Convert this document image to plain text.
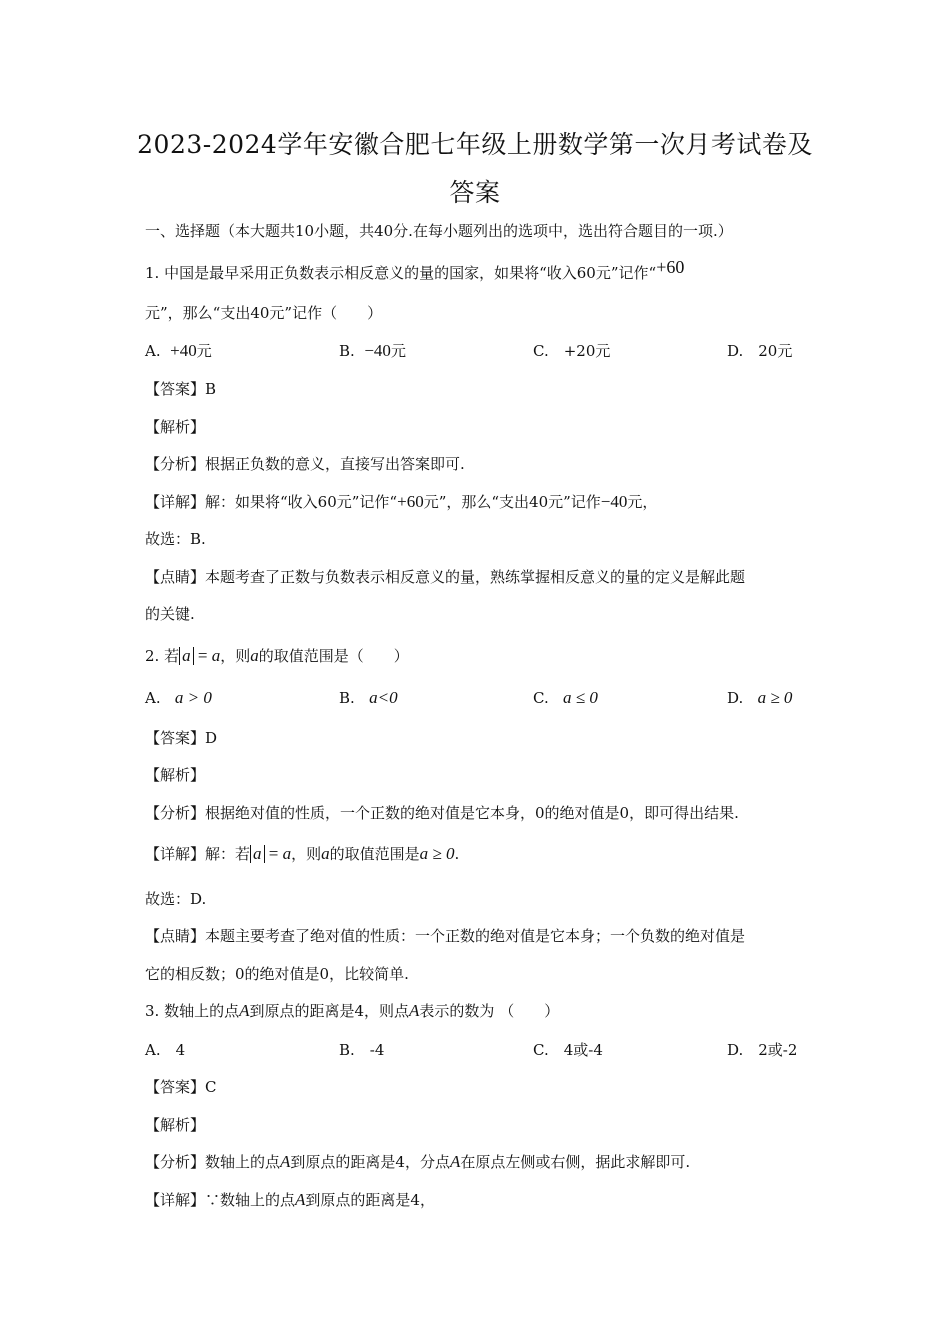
2023-2024学年安徽合肥七年级上册数学第一次月考试卷及
答案
一、选择题（本大题共10小题，共40分.在每小题列出的选项中，选出符合题目的一项.）
1. 中国是最早采用正负数表示相反意义的量的国家，如果将“收入60元”记作“+60
元”，那么“支出40元”记作（　　）
A. +40元	B. −40元	C.　+20元	D.　20元
【答案】B
【解析】
【分析】根据正负数的意义，直接写出答案即可.
【详解】解：如果将“收入60元”记作“+60元”，那么“支出40元”记作−40元，
故选：B.
【点睛】本题考查了正数与负数表示相反意义的量，熟练掌握相反意义的量的定义是解此题
的关键.
2. 若 a = a，则a的取值范围是（　　）
A. a > 0	B. a<0	C. a ≤ 0	D. a ≥ 0
【答案】D
【解析】
【分析】根据绝对值的性质，一个正数的绝对值是它本身，0的绝对值是0，即可得出结果.
【详解】解：若 a = a，则a的取值范围是a ≥ 0.
故选：D.
【点睛】本题主要考查了绝对值的性质：一个正数的绝对值是它本身；一个负数的绝对值是
它的相反数；0的绝对值是0，比较简单.
3. 数轴上的点A到原点的距离是4，则点A表示的数为 （　　）
A.　4	B.　-4	C.　4或-4	D.　2或-2
【答案】C
【解析】
【分析】数轴上的点A到原点的距离是4，分点A在原点左侧或右侧，据此求解即可.
【详解】∵数轴上的点A到原点的距离是4，
